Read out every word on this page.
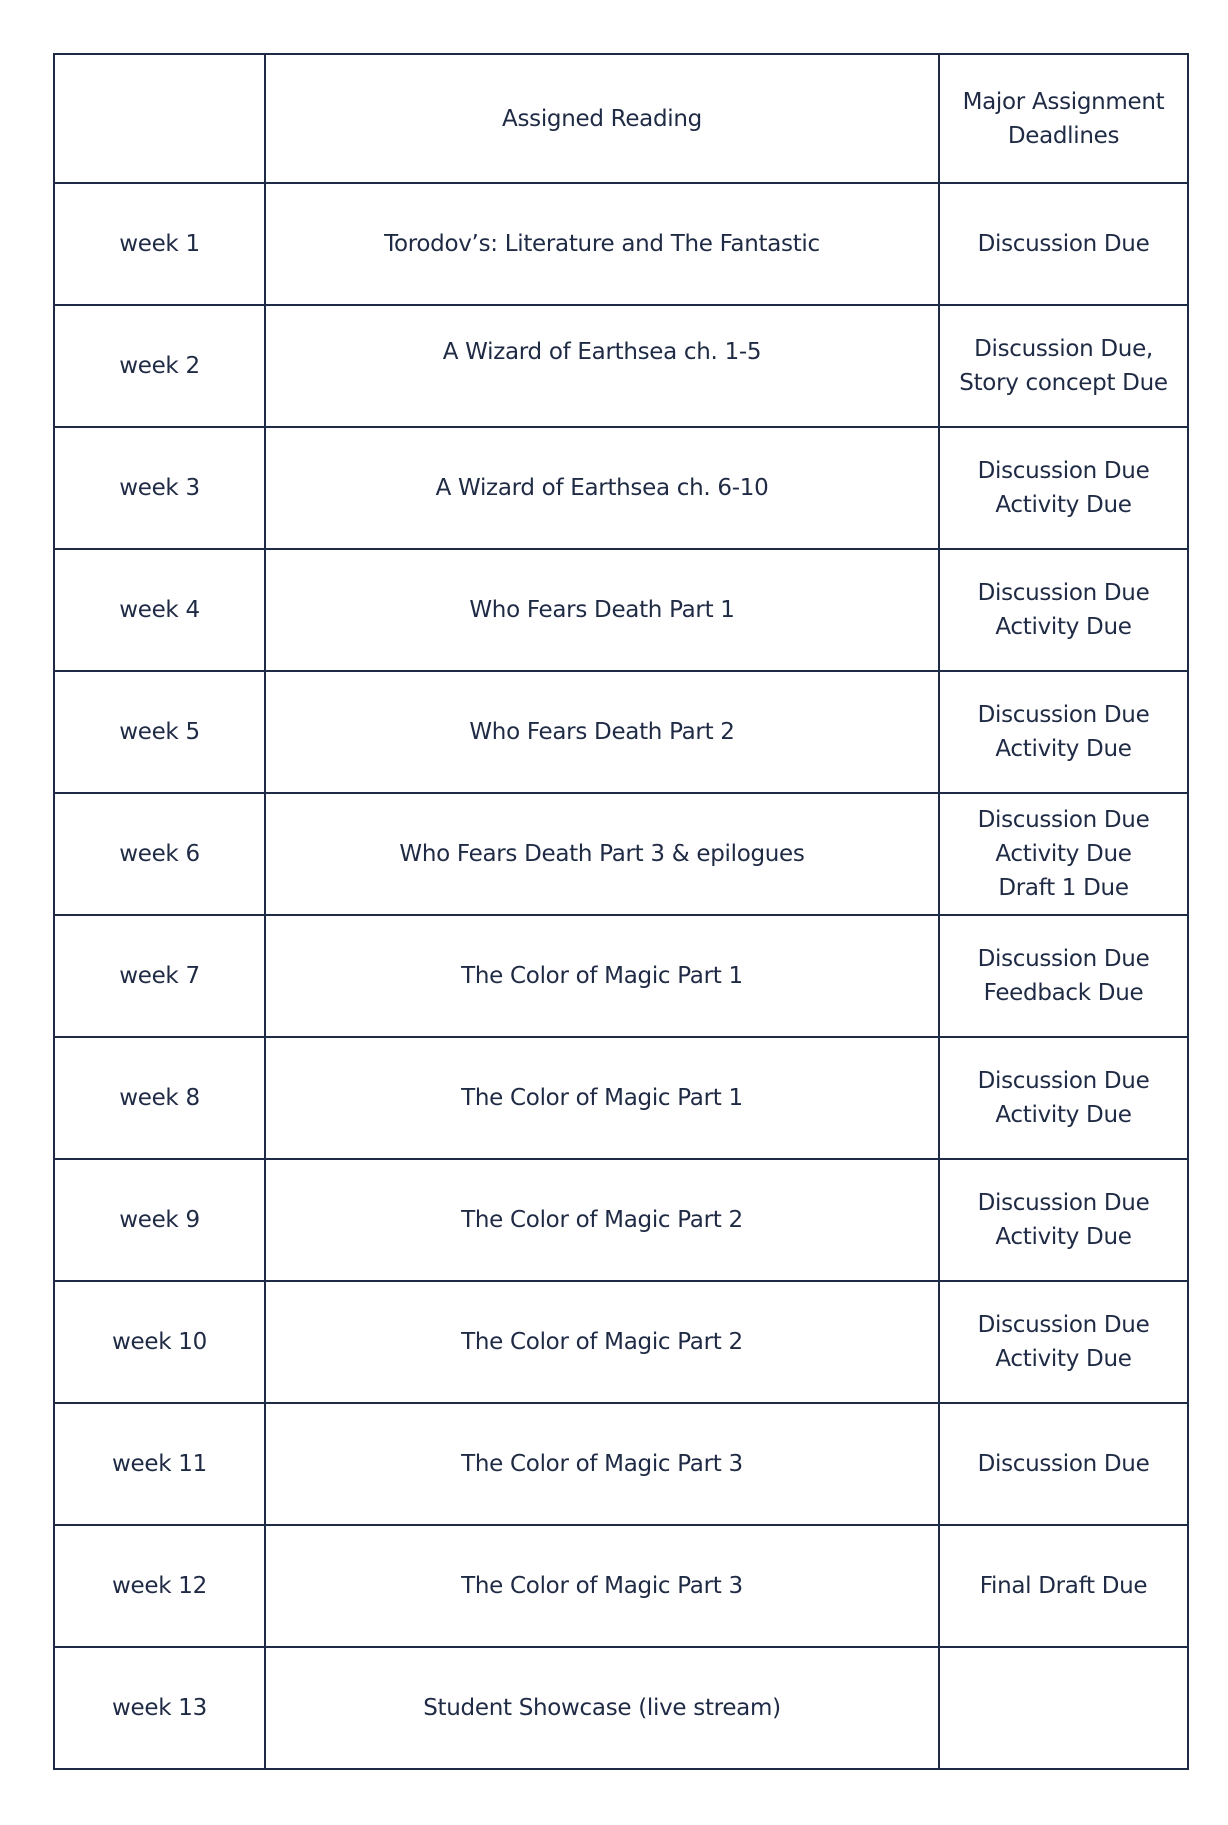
	Assigned Reading	Major Assignment
Deadlines

week 1	Torodov’s: Literature and The Fantastic	Discussion Due

week 2	A Wizard of Earthsea ch. 1-5	Discussion Due,
Story concept Due

week 3	A Wizard of Earthsea ch. 6-10	Discussion Due
Activity Due

week 4	Who Fears Death Part 1	Discussion Due
Activity Due

week 5	Who Fears Death Part 2	Discussion Due
Activity Due

week 6	Who Fears Death Part 3 & epilogues	Discussion Due
Activity Due
Draft 1 Due

week 7	The Color of Magic Part 1	Discussion Due
Feedback Due

week 8	The Color of Magic Part 1	Discussion Due
Activity Due

week 9	The Color of Magic Part 2	Discussion Due
Activity Due

week 10	The Color of Magic Part 2	Discussion Due
Activity Due

week 11	The Color of Magic Part 3	Discussion Due

week 12	The Color of Magic Part 3	Final Draft Due

week 13	Student Showcase (live stream)	
